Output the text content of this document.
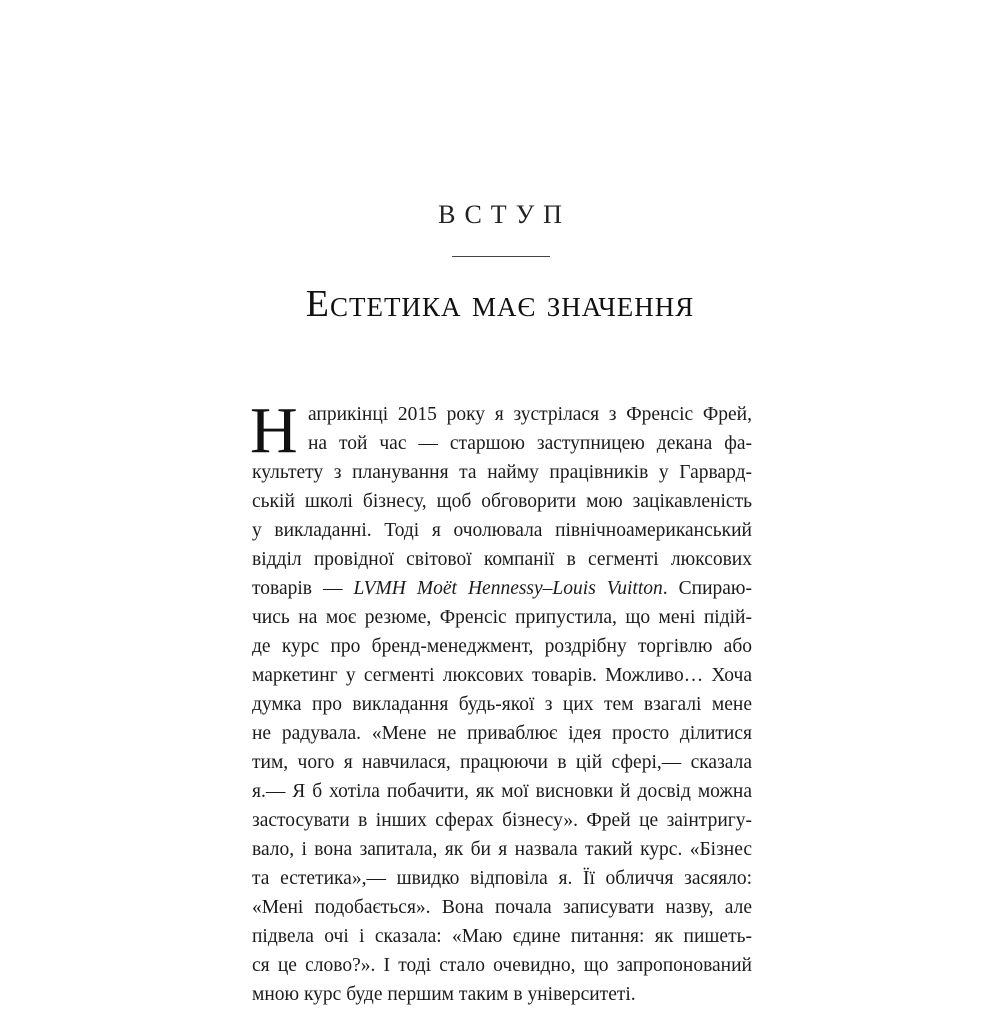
ВСТУП
Естетика має значення
Н априкінці 2015 року я зустрілася з Френсіс Фрей,
на той час — старшою заступницею декана фа-
культету з планування та найму працівників у Гарвард-
ській школі бізнесу, щоб обговорити мою зацікавленість
у викладанні. Тоді я очолювала північноамериканський
відділ провідної світової компанії в сегменті люксових
товарів — LVMH Moët Hennessy–Louis Vuitton. Спираю-
чись на моє резюме, Френсіс припустила, що мені підій-
де курс про бренд-менеджмент, роздрібну торгівлю або
маркетинг у сегменті люксових товарів. Можливо… Хоча
думка про викладання будь-якої з цих тем взагалі мене
не радувала. «Мене не приваблює ідея просто ділитися
тим, чого я навчилася, працюючи в цій сфері,— сказала
я.— Я б хотіла побачити, як мої висновки й досвід можна
застосувати в інших сферах бізнесу». Фрей це заінтригу-
вало, і вона запитала, як би я назвала такий курс. «Бізнес
та естетика»,— швидко відповіла я. Її обличчя засяяло:
«Мені подобається». Вона почала записувати назву, але
підвела очі і сказала: «Маю єдине питання: як пишеть-
ся це слово?». І тоді стало очевидно, що запропонований
мною курс буде першим таким в університеті.
